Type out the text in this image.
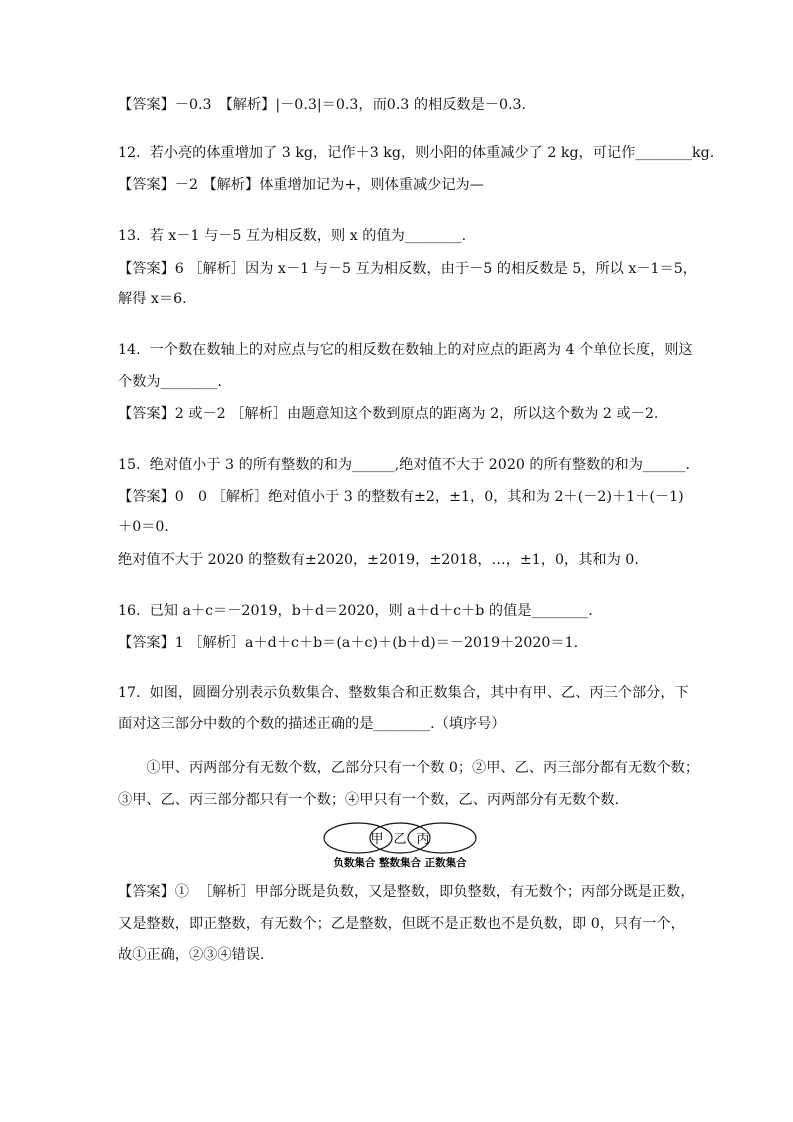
【答案】－0.3　【解析】|－0.3|＝0.3，而0.3 的相反数是－0.3.
12.  若小亮的体重增加了 3 kg，记作＋3 kg，则小阳的体重减少了 2 kg，可记作________kg.
【答案】－2 【解析】体重增加记为+，则体重减少记为—
13.  若 x－1 与－5 互为相反数，则 x 的值为________.
【答案】6 ［解析］因为 x－1 与－5 互为相反数，由于－5 的相反数是 5，所以 x－1＝5，
解得 x＝6.
14.  一个数在数轴上的对应点与它的相反数在数轴上的对应点的距离为 4 个单位长度，则这
个数为________.
【答案】2 或－2 ［解析］由题意知这个数到原点的距离为 2，所以这个数为 2 或－2.
15.  绝对值小于 3 的所有整数的和为______,绝对值不大于 2020 的所有整数的和为______.
【答案】0　0 ［解析］绝对值小于 3 的整数有±2，±1，0，其和为 2＋(－2)＋1＋(－1)
＋0＝0.
绝对值不大于 2020 的整数有±2020，±2019，±2018，…，±1，0，其和为 0.
16.  已知 a＋c＝－2019，b＋d＝2020，则 a＋d＋c＋b 的值是________.
【答案】1 ［解析］a＋d＋c＋b＝(a＋c)＋(b＋d)＝－2019＋2020＝1.
17.  如图，圆圈分别表示负数集合、整数集合和正数集合，其中有甲、乙、丙三个部分，下
面对这三部分中数的个数的描述正确的是________.（填序号）
　　①甲、丙两部分有无数个数，乙部分只有一个数 0；②甲、乙、丙三部分都有无数个数；
③甲、乙、丙三部分都只有一个数；④甲只有一个数，乙、丙两部分有无数个数.
甲 乙 丙
负数集合 整数集合 正数集合
【答案】①  ［解析］甲部分既是负数，又是整数，即负整数，有无数个；丙部分既是正数，
又是整数，即正整数，有无数个；乙是整数，但既不是正数也不是负数，即 0，只有一个，
故①正确，②③④错误.
